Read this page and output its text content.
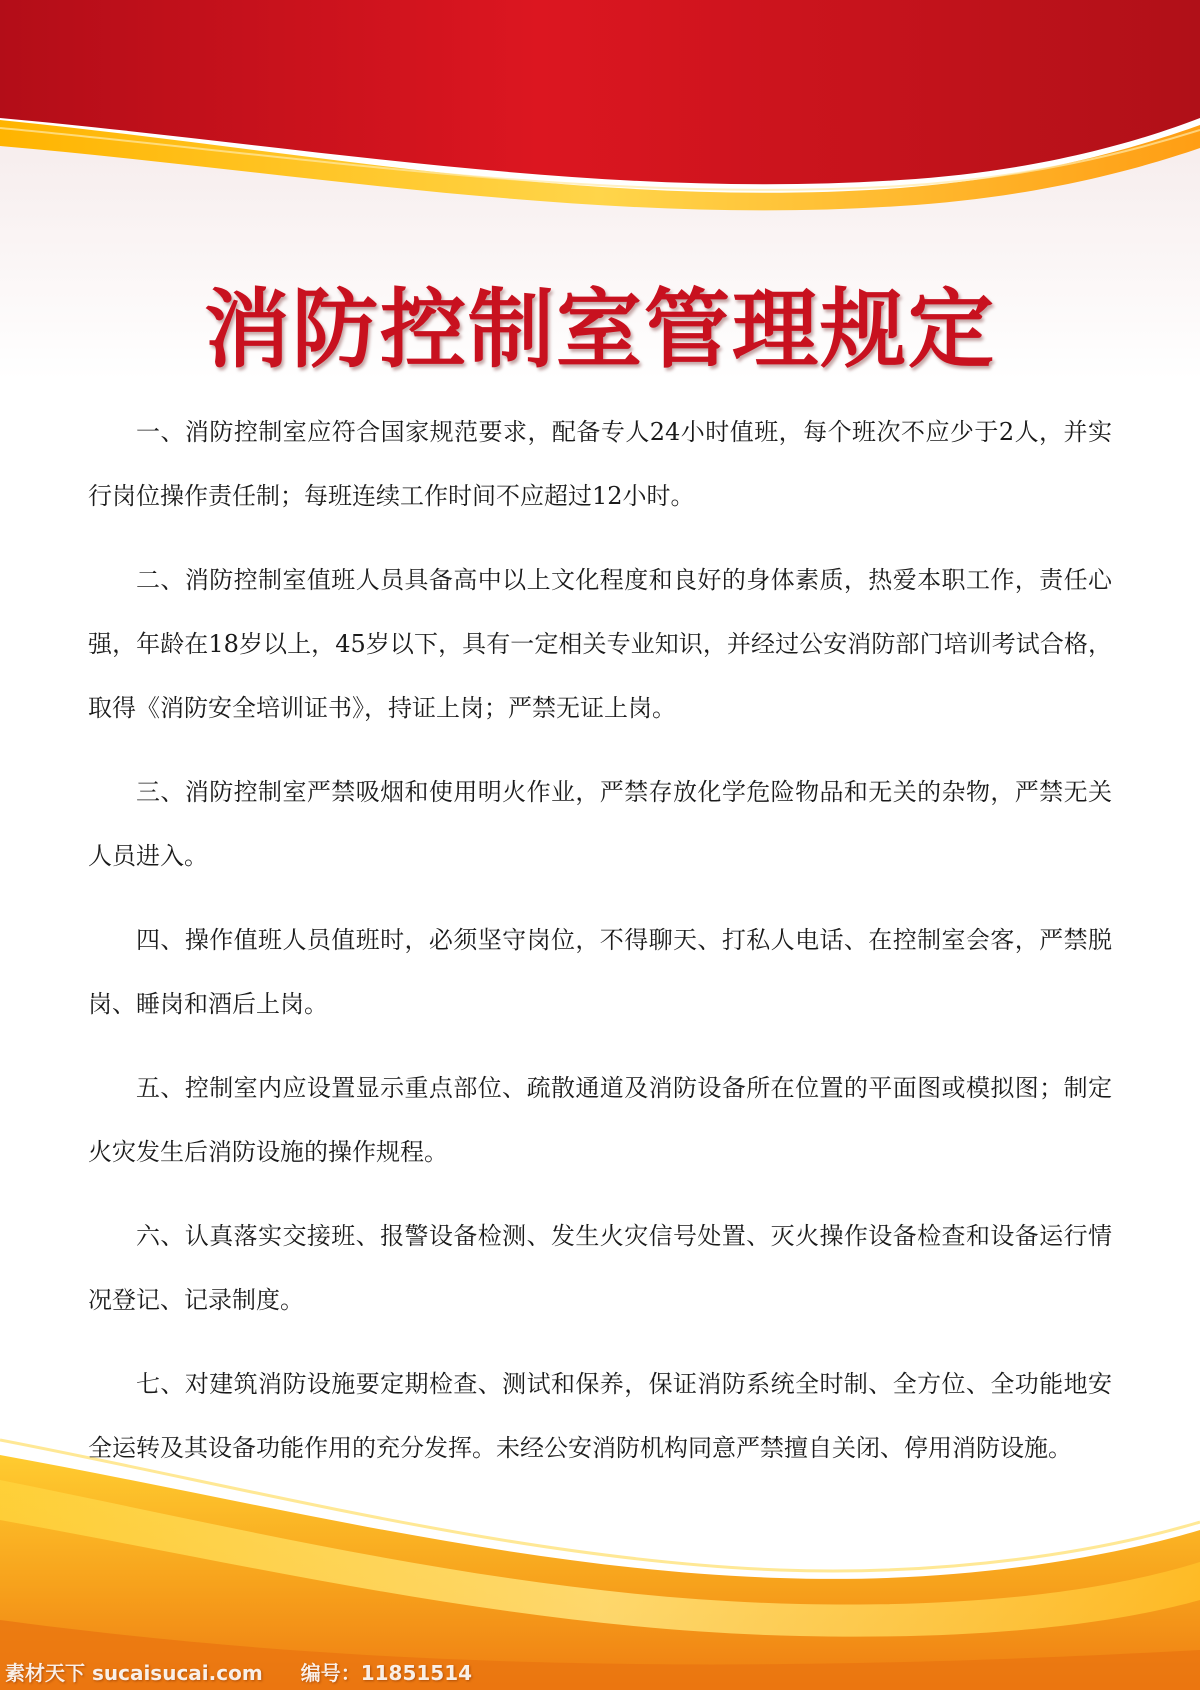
消防控制室管理规定

一、消防控制室应符合国家规范要求，配备专人24小时值班，每个班次不应少于2人，并实行岗位操作责任制；每班连续工作时间不应超过12小时。

二、消防控制室值班人员具备高中以上文化程度和良好的身体素质，热爱本职工作，责任心强，年龄在18岁以上，45岁以下，具有一定相关专业知识，并经过公安消防部门培训考试合格，取得《消防安全培训证书》，持证上岗；严禁无证上岗。

三、消防控制室严禁吸烟和使用明火作业，严禁存放化学危险物品和无关的杂物，严禁无关人员进入。

四、操作值班人员值班时，必须坚守岗位，不得聊天、打私人电话、在控制室会客，严禁脱岗、睡岗和酒后上岗。

五、控制室内应设置显示重点部位、疏散通道及消防设备所在位置的平面图或模拟图；制定火灾发生后消防设施的操作规程。

六、认真落实交接班、报警设备检测、发生火灾信号处置、灭火操作设备检查和设备运行情况登记、记录制度。

七、对建筑消防设施要定期检查、测试和保养，保证消防系统全时制、全方位、全功能地安全运转及其设备功能作用的充分发挥。未经公安消防机构同意严禁擅自关闭、停用消防设施。

素材天下 sucaisucai.com 编号：11851514
